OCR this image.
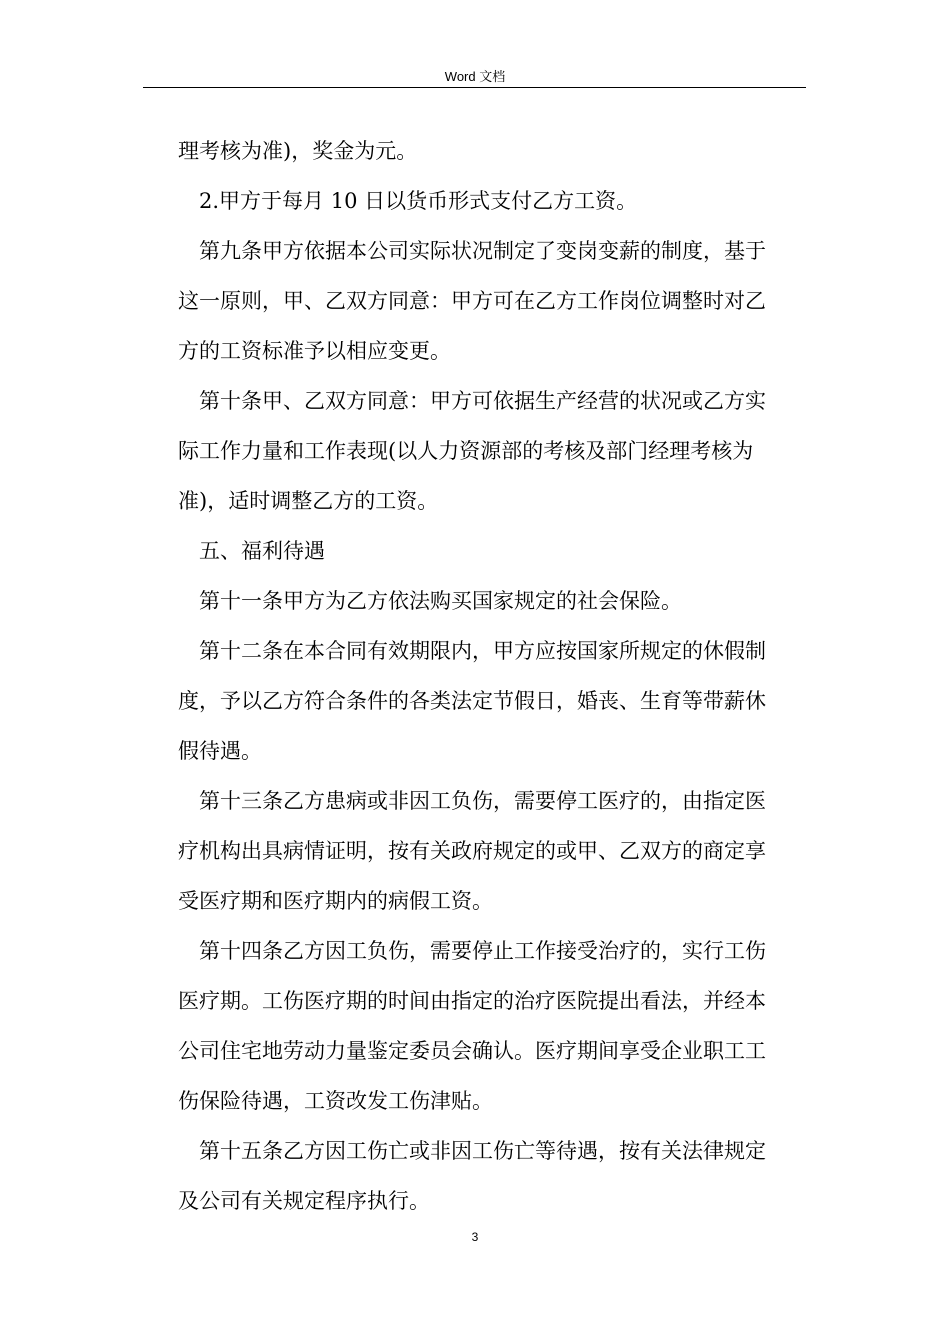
Word 文档
理考核为准)，奖金为元。
2.甲方于每月 10 日以货币形式支付乙方工资。
第九条甲方依据本公司实际状况制定了变岗变薪的制度，基于
这一原则，甲、乙双方同意：甲方可在乙方工作岗位调整时对乙
方的工资标准予以相应变更。
第十条甲、乙双方同意：甲方可依据生产经营的状况或乙方实
际工作力量和工作表现(以人力资源部的考核及部门经理考核为
准)，适时调整乙方的工资。
五、福利待遇
第十一条甲方为乙方依法购买国家规定的社会保险。
第十二条在本合同有效期限内，甲方应按国家所规定的休假制
度，予以乙方符合条件的各类法定节假日，婚丧、生育等带薪休
假待遇。
第十三条乙方患病或非因工负伤，需要停工医疗的，由指定医
疗机构出具病情证明，按有关政府规定的或甲、乙双方的商定享
受医疗期和医疗期内的病假工资。
第十四条乙方因工负伤，需要停止工作接受治疗的，实行工伤
医疗期。工伤医疗期的时间由指定的治疗医院提出看法，并经本
公司住宅地劳动力量鉴定委员会确认。医疗期间享受企业职工工
伤保险待遇，工资改发工伤津贴。
第十五条乙方因工伤亡或非因工伤亡等待遇，按有关法律规定
及公司有关规定程序执行。
3
